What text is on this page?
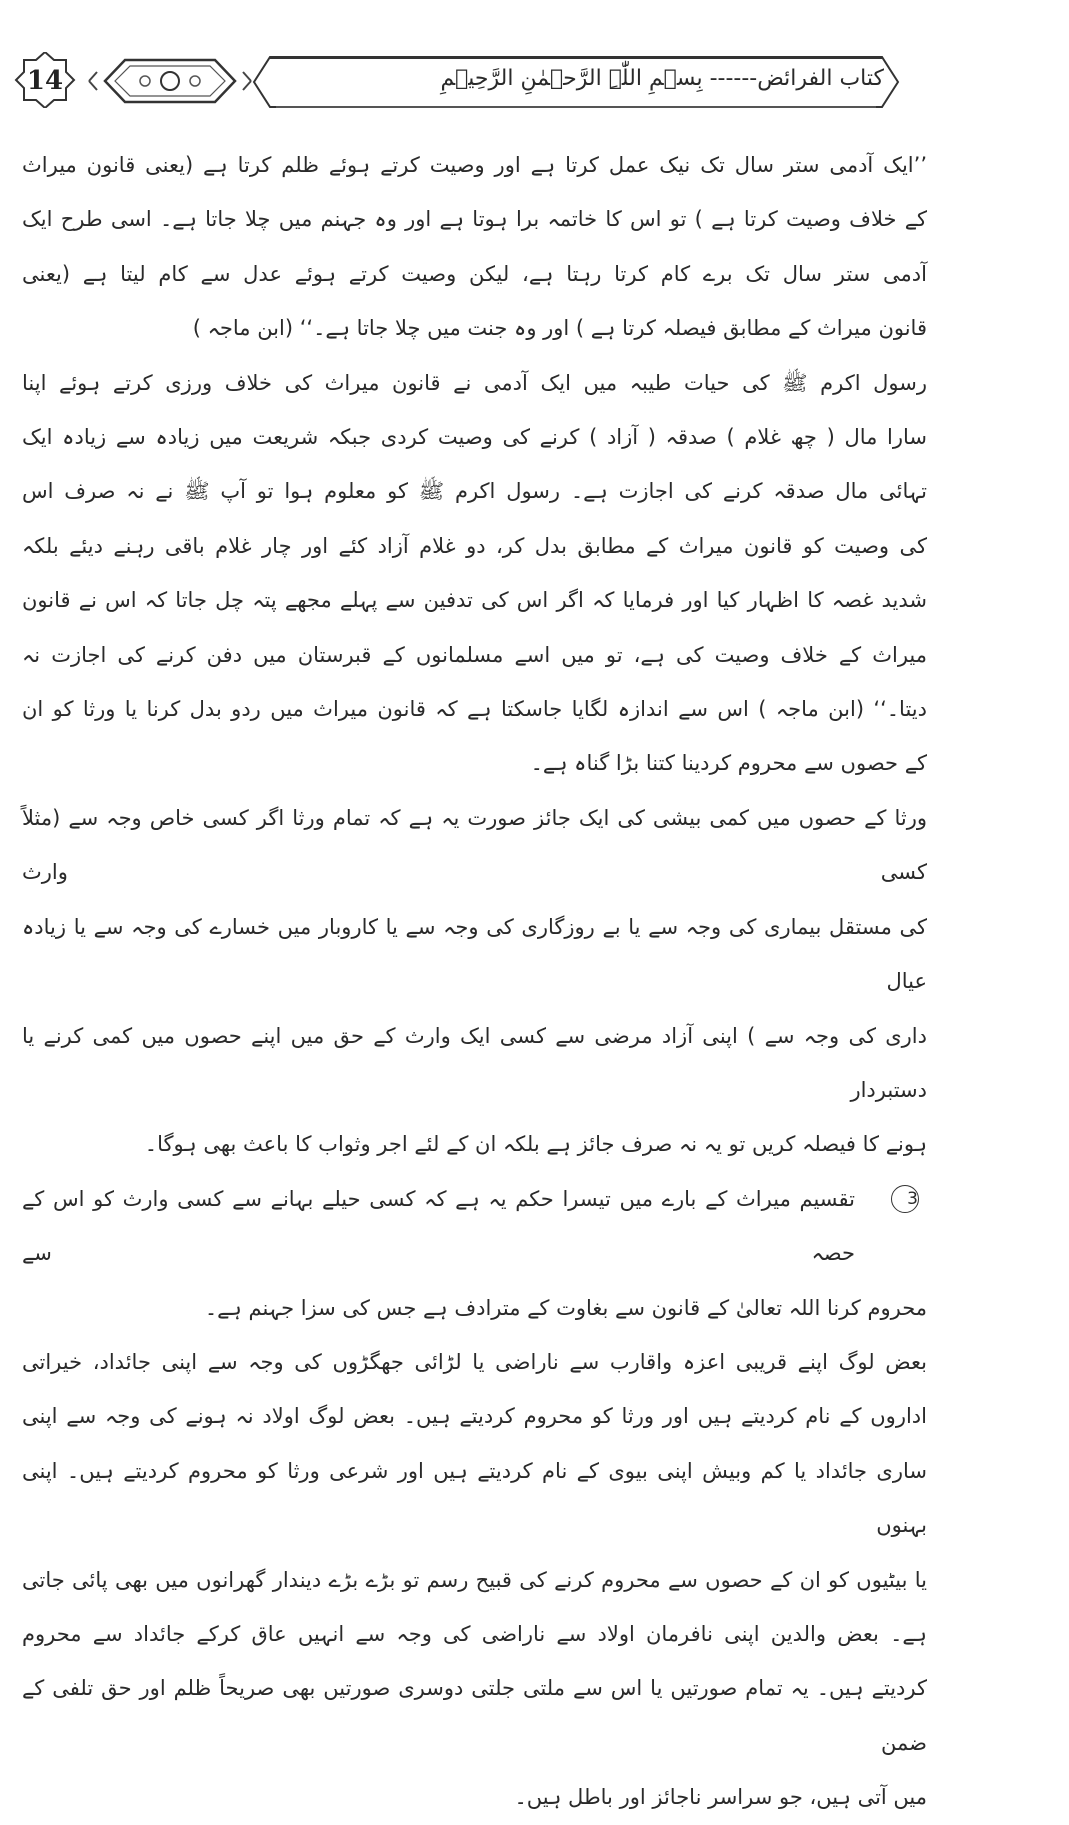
14	کتاب الفرائض------ بِسۡمِ اللّٰہِ الرَّحۡمٰنِ الرَّحِیۡمِ
’’ایک آدمی ستر سال تک نیک عمل کرتا ہے اور وصیت کرتے ہوئے ظلم کرتا ہے (یعنی قانون میراث
کے خلاف وصیت کرتا ہے ) تو اس کا خاتمہ برا ہوتا ہے اور وہ جہنم میں چلا جاتا ہے۔ اسی طرح ایک
آدمی ستر سال تک برے کام کرتا رہتا ہے، لیکن وصیت کرتے ہوئے عدل سے کام لیتا ہے (یعنی
قانون میراث کے مطابق فیصلہ کرتا ہے ) اور وہ جنت میں چلا جاتا ہے۔‘‘ (ابن ماجہ )
رسول اکرم ﷺ کی حیات طیبہ میں ایک آدمی نے قانون میراث کی خلاف ورزی کرتے ہوئے اپنا
سارا مال ( چھ غلام ) صدقہ ( آزاد ) کرنے کی وصیت کردی جبکہ شریعت میں زیادہ سے زیادہ ایک
تہائی مال صدقہ کرنے کی اجازت ہے۔ رسول اکرم ﷺ کو معلوم ہوا تو آپ ﷺ نے نہ صرف اس
کی وصیت کو قانون میراث کے مطابق بدل کر، دو غلام آزاد کئے اور چار غلام باقی رہنے دیئے بلکہ
شدید غصہ کا اظہار کیا اور فرمایا کہ اگر اس کی تدفین سے پہلے مجھے پتہ چل جاتا کہ اس نے قانون
میراث کے خلاف وصیت کی ہے، تو میں اسے مسلمانوں کے قبرستان میں دفن کرنے کی اجازت نہ
دیتا۔‘‘ (ابن ماجہ ) اس سے اندازہ لگایا جاسکتا ہے کہ قانون میراث میں ردو بدل کرنا یا ورثا کو ان
کے حصوں سے محروم کردینا کتنا بڑا گناہ ہے۔
ورثا کے حصوں میں کمی بیشی کی ایک جائز صورت یہ ہے کہ تمام ورثا اگر کسی خاص وجہ سے (مثلاً کسی وارث
کی مستقل بیماری کی وجہ سے یا بے روزگاری کی وجہ سے یا کاروبار میں خسارے کی وجہ سے یا زیادہ عیال
داری کی وجہ سے ) اپنی آزاد مرضی سے کسی ایک وارث کے حق میں اپنے حصوں میں کمی کرنے یا دستبردار
ہونے کا فیصلہ کریں تو یہ نہ صرف جائز ہے بلکہ ان کے لئے اجر وثواب کا باعث بھی ہوگا۔
تقسیم میراث کے بارے میں تیسرا حکم یہ ہے کہ کسی حیلے بہانے سے کسی وارث کو اس کے حصہ سے
3
محروم کرنا اللہ تعالیٰ کے قانون سے بغاوت کے مترادف ہے جس کی سزا جہنم ہے۔
بعض لوگ اپنے قریبی اعزہ واقارب سے ناراضی یا لڑائی جھگڑوں کی وجہ سے اپنی جائداد، خیراتی
اداروں کے نام کردیتے ہیں اور ورثا کو محروم کردیتے ہیں۔ بعض لوگ اولاد نہ ہونے کی وجہ سے اپنی
ساری جائداد یا کم وبیش اپنی بیوی کے نام کردیتے ہیں اور شرعی ورثا کو محروم کردیتے ہیں۔ اپنی بہنوں
یا بیٹیوں کو ان کے حصوں سے محروم کرنے کی قبیح رسم تو بڑے بڑے دیندار گھرانوں میں بھی پائی جاتی
ہے۔ بعض والدین اپنی نافرمان اولاد سے ناراضی کی وجہ سے انہیں عاق کرکے جائداد سے محروم
کردیتے ہیں۔ یہ تمام صورتیں یا اس سے ملتی جلتی دوسری صورتیں بھی صریحاً ظلم اور حق تلفی کے ضمن
میں آتی ہیں، جو سراسر ناجائز اور باطل ہیں۔
